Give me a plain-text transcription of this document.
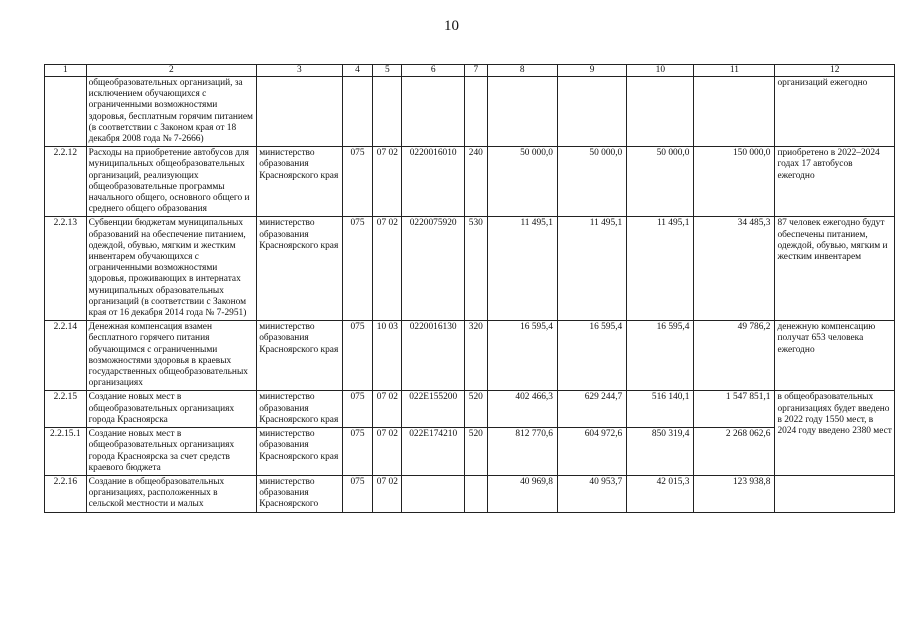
10
1	2	3	4	5	6	7	8	9	10	11	12
	общеобразовательных организаций, за исключением обучающихся с ограниченными возможностями здоровья, бесплатным горячим питанием (в соответствии с Законом края от 18 декабря 2008 года № 7-2666)										организаций ежегодно
2.2.12	Расходы на приобретение автобусов для муниципальных общеобразовательных организаций, реализующих общеобразовательные программы начального общего, основного общего и среднего общего образования	министерство образования Красноярского края	075	07 02	0220016010	240	50 000,0	50 000,0	50 000,0	150 000,0	приобретено в 2022–2024 годах 17 автобусов ежегодно
2.2.13	Субвенции бюджетам муниципальных образований на обеспечение питанием, одеждой, обувью, мягким и жестким инвентарем обучающихся с ограниченными возможностями здоровья, проживающих в интернатах муниципальных образовательных организаций (в соответствии с Законом края от 16 декабря 2014 года № 7-2951)	министерство образования Красноярского края	075	07 02	0220075920	530	11 495,1	11 495,1	11 495,1	34 485,3	87 человек ежегодно будут обеспечены питанием, одеждой, обувью, мягким и жестким инвентарем
2.2.14	Денежная компенсация взамен бесплатного горячего питания обучающимся с ограниченными возможностями здоровья в краевых государственных общеобразовательных организациях	министерство образования Красноярского края	075	10 03	0220016130	320	16 595,4	16 595,4	16 595,4	49 786,2	денежную компенсацию получат 653 человека ежегодно
2.2.15	Создание новых мест в общеобразовательных организациях города Красноярска	министерство образования Красноярского края	075	07 02	022E155200	520	402 466,3	629 244,7	516 140,1	1 547 851,1	в общеобразовательных организациях будет введено в 2022 году 1550 мест, в 2024 году введено 2380 мест
2.2.15.1	Создание новых мест в общеобразовательных организациях города Красноярска за счет средств краевого бюджета	министерство образования Красноярского края	075	07 02	022E174210	520	812 770,6	604 972,6	850 319,4	2 268 062,6	
2.2.16	Создание в общеобразовательных организациях, расположенных в сельской местности и малых	министерство образования Красноярского	075	07 02			40 969,8	40 953,7	42 015,3	123 938,8	
